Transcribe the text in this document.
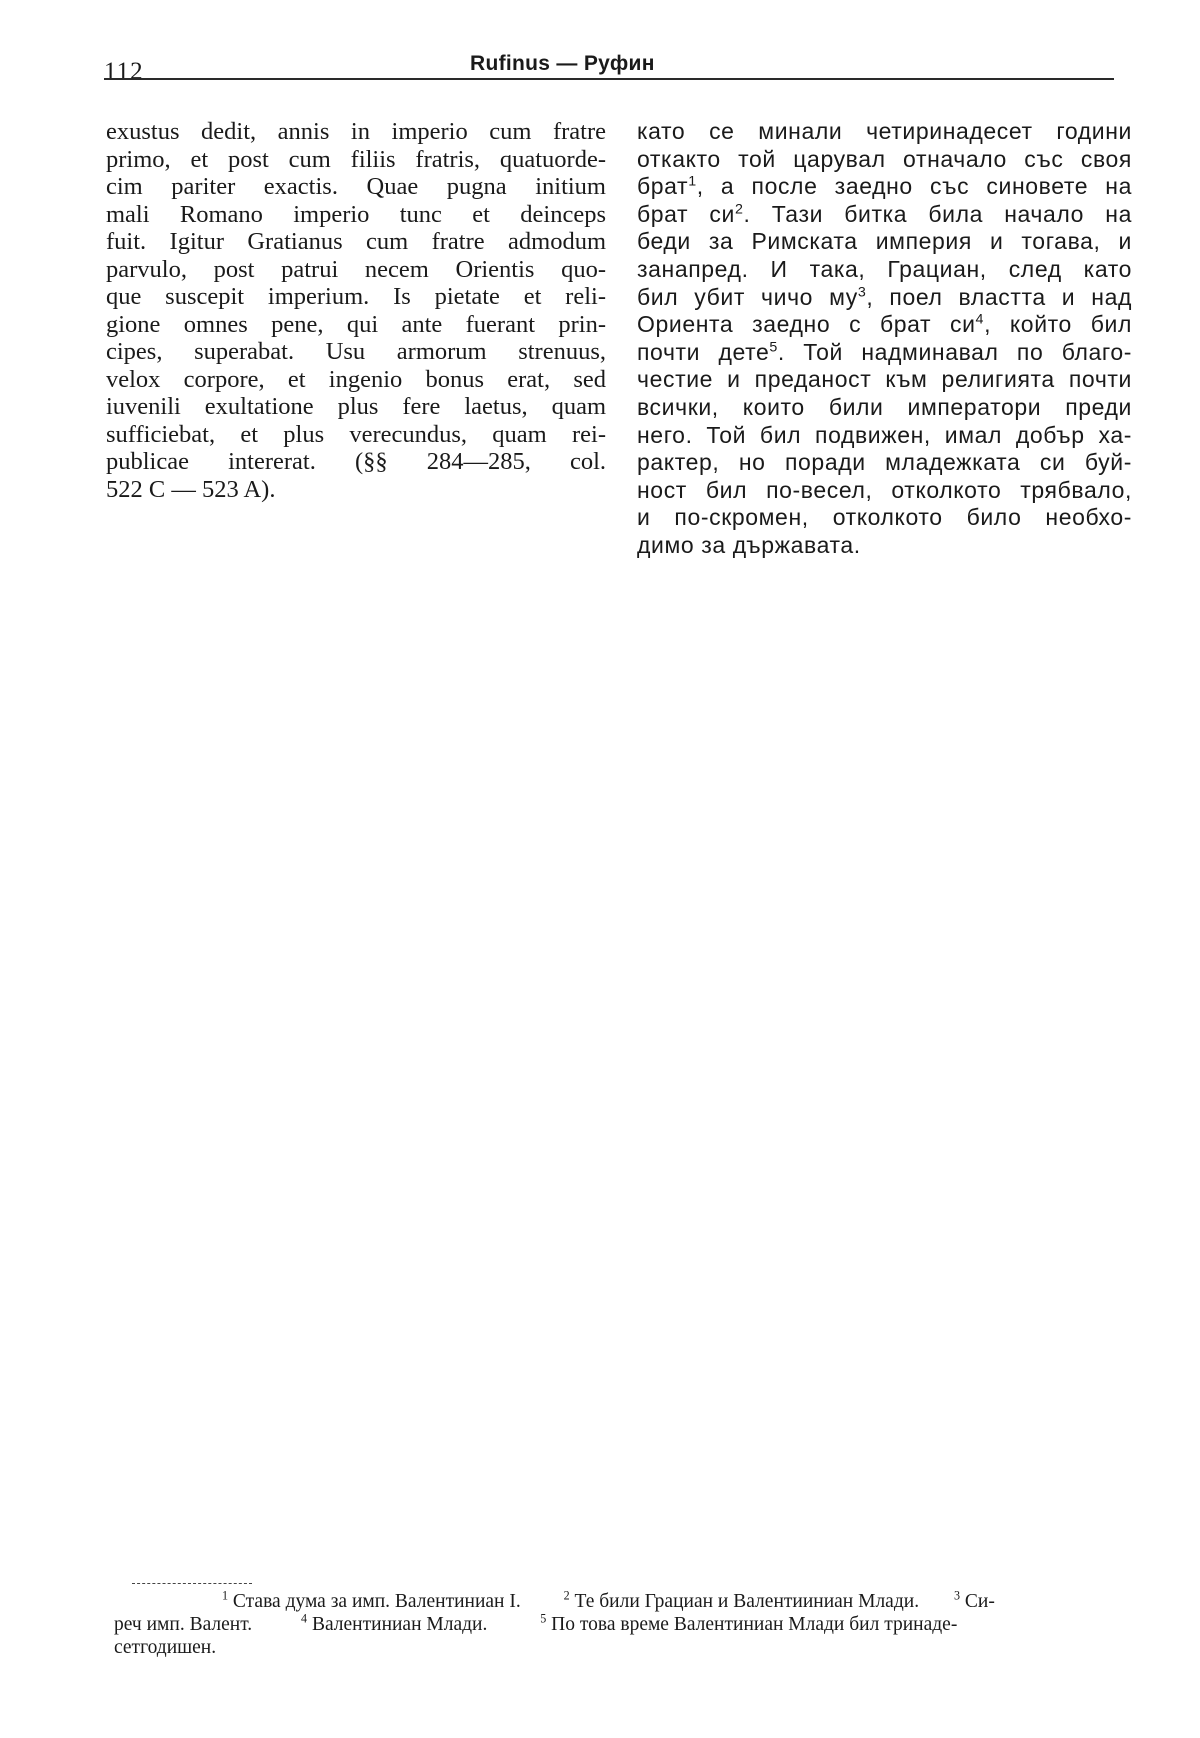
112	Rufinus — Руфин
exustus dedit, annis in imperio cum fratre
primo, et post cum filiis fratris, quatuorde-
cim pariter exactis. Quae pugna initium
mali Romano imperio tunc et deinceps
fuit. Igitur Gratianus cum fratre admodum
parvulo, post patrui necem Orientis quo-
que suscepit imperium. Is pietate et reli-
gione omnes pene, qui ante fuerant prin-
cipes, superabat. Usu armorum strenuus,
velox corpore, et ingenio bonus erat, sed
iuvenili exultatione plus fere laetus, quam
sufficiebat, et plus verecundus, quam rei-
publicae intererat. (§§ 284—285, col.
522 C — 523 A).
като се минали четиринадесет години
откакто той царувал отначало със своя
брат$^1$, а после заедно със синовете на
брат $си^2$. Тази битка била начало на
беди за Римската империя и тогава, и
занапред. И така, Грациан, след като
бил убит чичо $му^3$, поел властта и над
Ориента заедно с брат $си^4$, който бил
почти дете$^5$. Той надминавал по благо-
честие и преданост към религията почти
всички, които били императори преди
него. Той бил подвижен, имал добър ха-
рактер, но поради младежката си буй-
ност бил по-весел, отколкото трябвало,
и по-скромен, отколкото било необхо-
димо за държавата.
$^1$ Става дума за имп. Валентиниан I.	$^2$ Те били Грациан и Валентииниан Млади.	$^3$ Си-
реч имп. Валент.	$^4$ Валентиниан Млади.	$^5$ По това време Валентиниан Млади бил тринаде-
сетгодишен.
